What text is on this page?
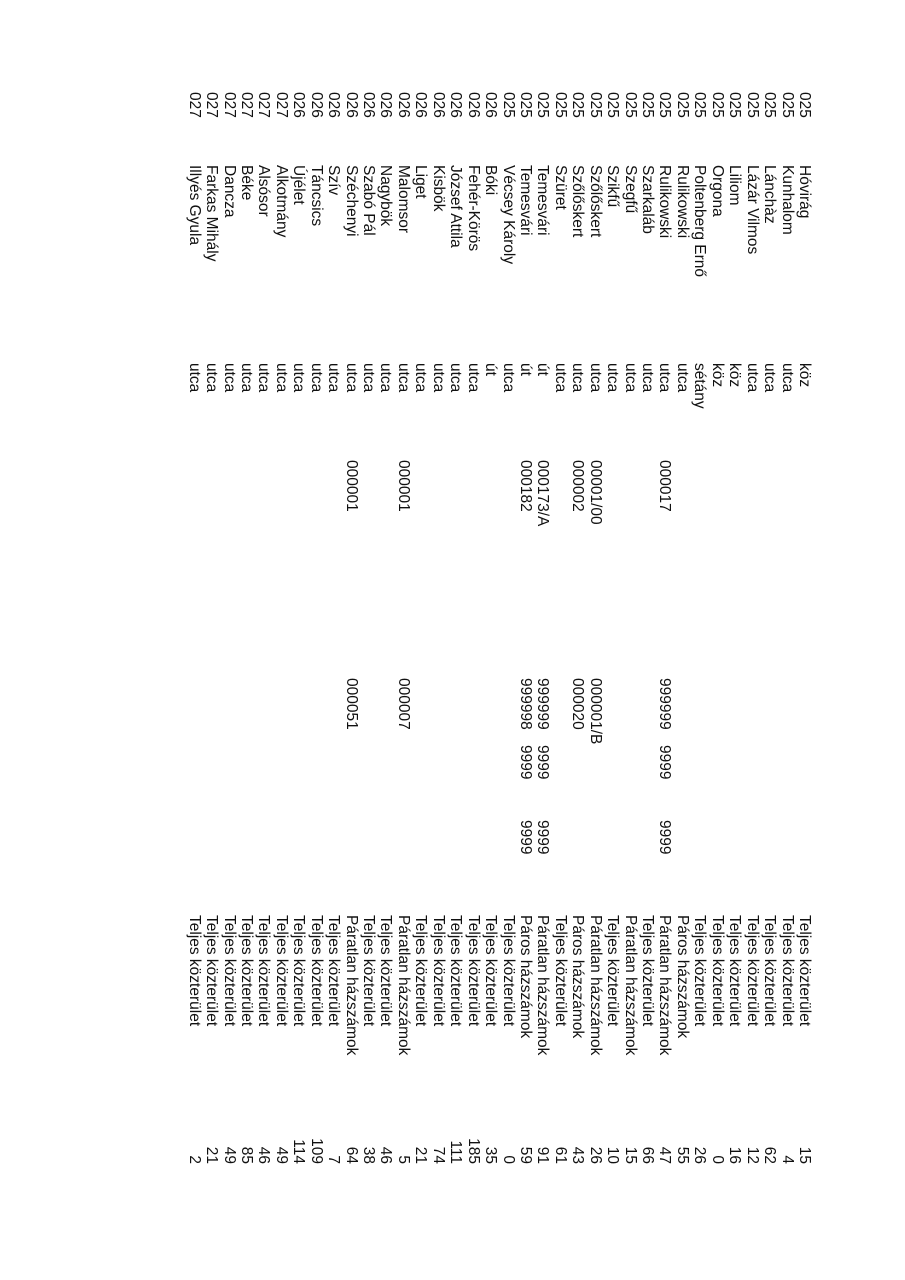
025
Hóvirág
köz
Teljes közterület
15
025
Kunhalom
utca
Teljes közterület
4
025
Lánchàz
utca
Teljes közterület
62
025
Lázár Vilmos
utca
Teljes közterület
12
025
Liliom
köz
Teljes közterület
16
025
Orgona
köz
Teljes közterület
0
025
Poltenberg Ernő
sétány
Teljes közterület
26
025
Rulikowski
utca
Páros házszámok
55
025
Rulikowski
utca
000017
999999
9999
9999
Páratlan házszámok
47
025
Szarkaláb
utca
Teljes közterület
66
025
Szegfű
utca
Páratlan házszámok
15
025
Szikfű
utca
Teljes közterület
10
025
Szőlőskert
utca
00001/00
000001/B
Páratlan házszámok
26
025
Szőlőskert
utca
000002
000020
Páros házszámok
43
025
Szüret
utca
Teljes közterület
61
025
Temesvári
út
000173/A
999999
9999
9999
Páratlan házszámok
91
025
Temesvári
út
000182
999998
9999
9999
Páros házszámok
59
025
Vécsey Károly
utca
Teljes közterület
0
026
Bóki
út
Teljes közterület
35
026
Fehér-Körös
utca
Teljes közterület
185
026
József Attila
utca
Teljes közterület
111
026
Kisbök
utca
Teljes közterület
74
026
Liget
utca
Teljes közterület
21
026
Malomsor
utca
000001
000007
Páratlan házszámok
5
026
Nagybök
utca
Teljes közterület
46
026
Szabó Pál
utca
Teljes közterület
38
026
Széchenyi
utca
000001
000051
Páratlan házszámok
64
026
Szív
utca
Teljes közterület
7
026
Táncsics
utca
Teljes közterület
109
026
Újélet
utca
Teljes közterület
114
027
Alkotmány
utca
Teljes közterület
49
027
Alsósor
utca
Teljes közterület
46
027
Béke
utca
Teljes közterület
85
027
Dancza
utca
Teljes közterület
49
027
Farkas Mihály
utca
Teljes közterület
21
027
Illyés Gyula
utca
Teljes közterület
2
